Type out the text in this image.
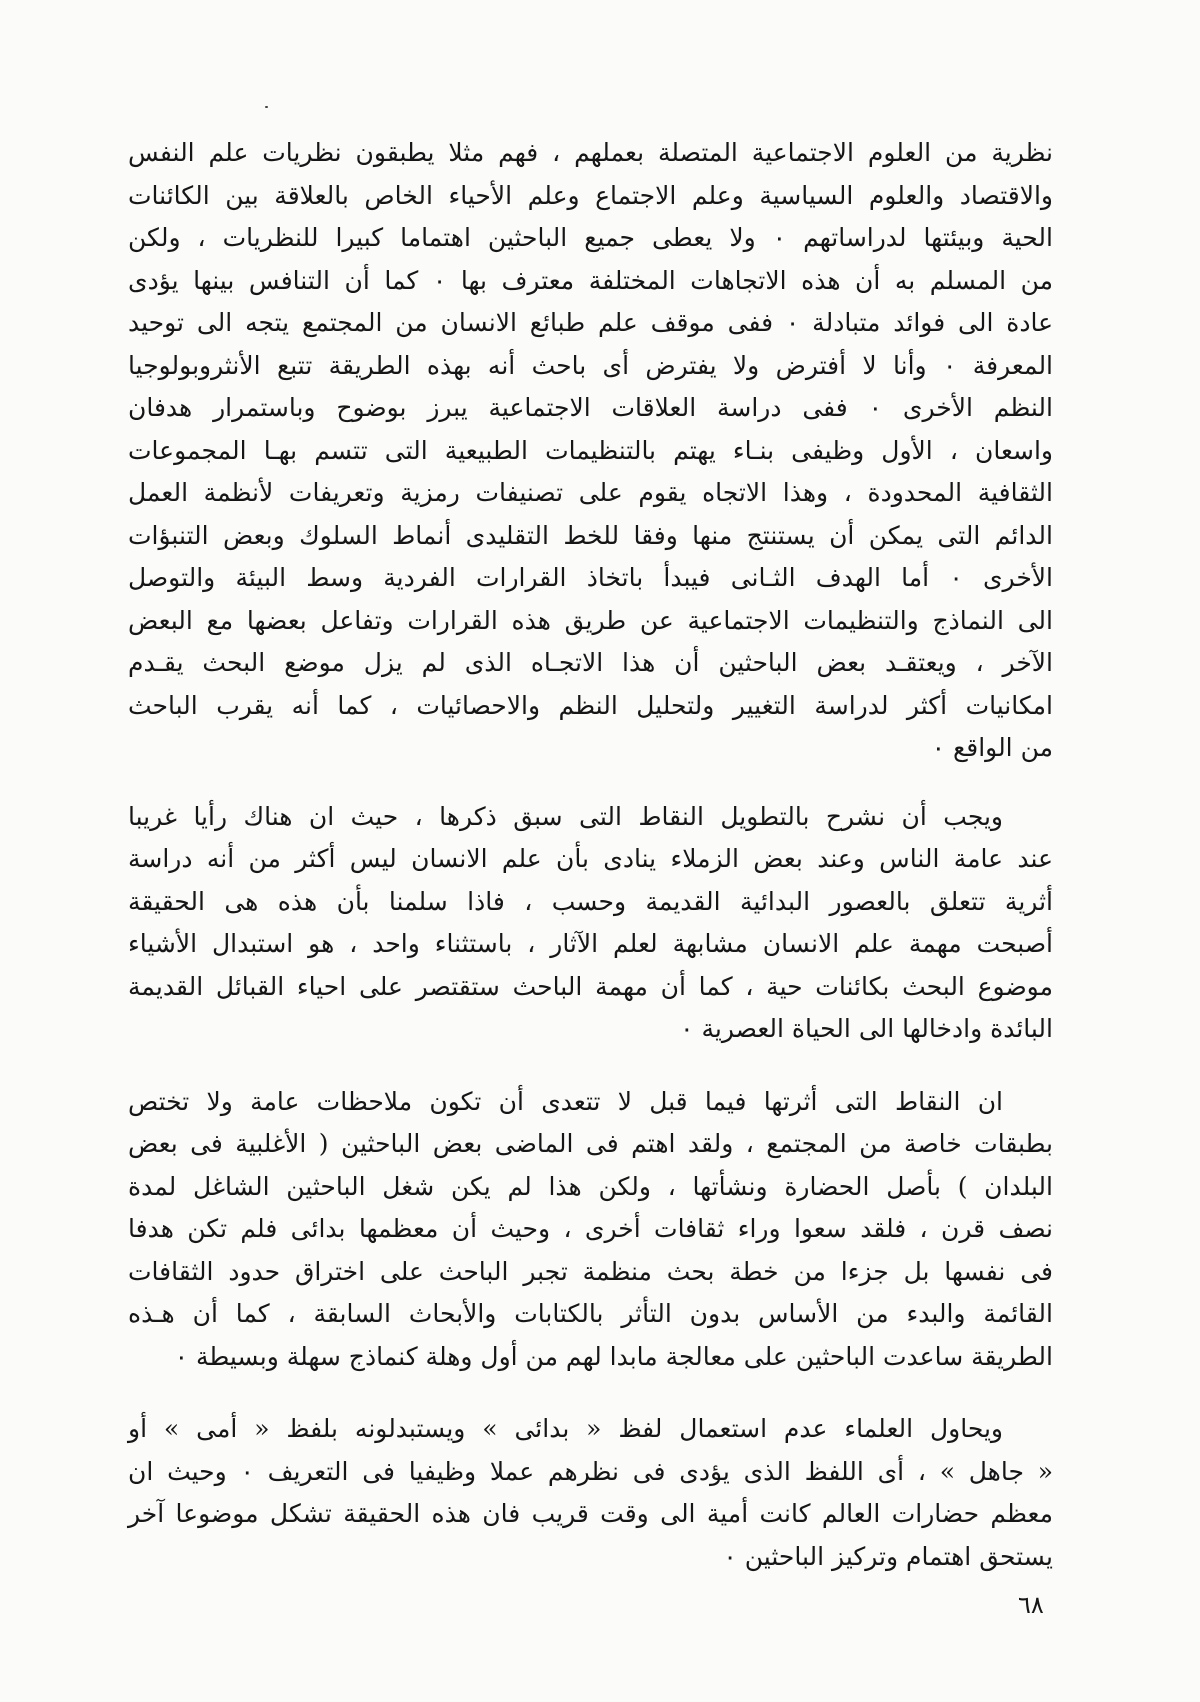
نظرية من العلوم الاجتماعية المتصلة بعملهم ، فهم مثلا يطبقون نظريات علم النفس
والاقتصاد والعلوم السياسية وعلم الاجتماع وعلم الأحياء الخاص بالعلاقة بين الكائنات
الحية وبيئتها لدراساتهم ٠ ولا يعطى جميع الباحثين اهتماما كبيرا للنظريات ، ولكن
من المسلم به أن هذه الاتجاهات المختلفة معترف بها ٠ كما أن التنافس بينها يؤدى
عادة الى فوائد متبادلة ٠ ففى موقف علم طبائع الانسان من المجتمع يتجه الى توحيد
المعرفة ٠ وأنا لا أفترض ولا يفترض أى باحث أنه بهذه الطريقة تتبع الأنثروبولوجيا
النظم الأخرى ٠ ففى دراسة العلاقات الاجتماعية يبرز بوضوح وباستمرار هدفان
واسعان ، الأول وظيفى بنـاء يهتم بالتنظيمات الطبيعية التى تتسم بهـا المجموعات
الثقافية المحدودة ، وهذا الاتجاه يقوم على تصنيفات رمزية وتعريفات لأنظمة العمل
الدائم التى يمكن أن يستنتج منها وفقا للخط التقليدى أنماط السلوك وبعض التنبؤات
الأخرى ٠ أما الهدف الثـانى فيبدأ باتخاذ القرارات الفردية وسط البيئة والتوصل
الى النماذج والتنظيمات الاجتماعية عن طريق هذه القرارات وتفاعل بعضها مع البعض
الآخر ، ويعتقـد بعض الباحثين أن هذا الاتجـاه الذى لم يزل موضع البحث يقـدم
امكانيات أكثر لدراسة التغيير ولتحليل النظم والاحصائيات ، كما أنه يقرب الباحث
من الواقع ٠

ويجب أن نشرح بالتطويل النقاط التى سبق ذكرها ، حيث ان هناك رأيا غريبا
عند عامة الناس وعند بعض الزملاء ينادى بأن علم الانسان ليس أكثر من أنه دراسة
أثرية تتعلق بالعصور البدائية القديمة وحسب ، فاذا سلمنا بأن هذه هى الحقيقة
أصبحت مهمة علم الانسان مشابهة لعلم الآثار ، باستثناء واحد ، هو استبدال الأشياء
موضوع البحث بكائنات حية ، كما أن مهمة الباحث ستقتصر على احياء القبائل القديمة
البائدة وادخالها الى الحياة العصرية ٠

ان النقاط التى أثرتها فيما قبل لا تتعدى أن تكون ملاحظات عامة ولا تختص
بطبقات خاصة من المجتمع ، ولقد اهتم فى الماضى بعض الباحثين ( الأغلبية فى بعض
البلدان ) بأصل الحضارة ونشأتها ، ولكن هذا لم يكن شغل الباحثين الشاغل لمدة
نصف قرن ، فلقد سعوا وراء ثقافات أخرى ، وحيث أن معظمها بدائى فلم تكن هدفا
فى نفسها بل جزءا من خطة بحث منظمة تجبر الباحث على اختراق حدود الثقافات
القائمة والبدء من الأساس بدون التأثر بالكتابات والأبحاث السابقة ، كما أن هـذه
الطريقة ساعدت الباحثين على معالجة مابدا لهم من أول وهلة كنماذج سهلة وبسيطة ٠

ويحاول العلماء عدم استعمال لفظ « بدائى » ويستبدلونه بلفظ « أمى » أو
« جاهل » ، أى اللفظ الذى يؤدى فى نظرهم عملا وظيفيا فى التعريف ٠ وحيث ان
معظم حضارات العالم كانت أمية الى وقت قريب فان هذه الحقيقة تشكل موضوعا آخر
يستحق اهتمام وتركيز الباحثين ٠

٦٨
